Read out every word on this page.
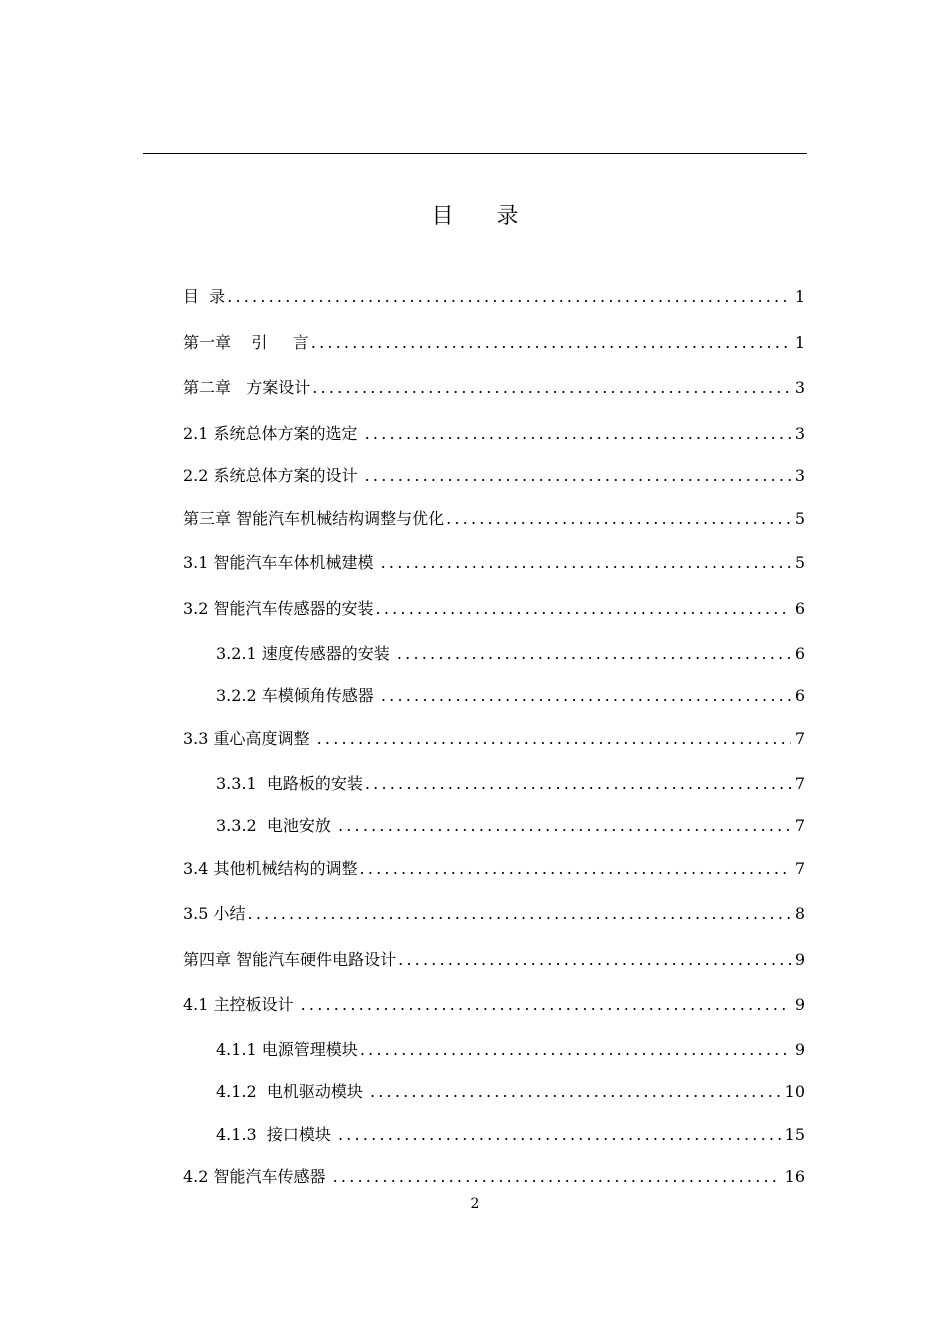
目 录
目  录 .....	1
第一章    引     言 .....	1
第二章   方案设计 .....	3
2.1 系统总体方案的选定 .....	3
2.2 系统总体方案的设计 .....	3
第三章 智能汽车机械结构调整与优化 .....	5
3.1 智能汽车车体机械建模 .....	5
3.2 智能汽车传感器的安装 .....	6
3.2.1 速度传感器的安装 .....	6
3.2.2 车模倾角传感器 .....	6
3.3 重心高度调整 .....	7
3.3.1  电路板的安装 .....	7
3.3.2  电池安放 .....	7
3.4 其他机械结构的调整 .....	7
3.5 小结 .....	8
第四章 智能汽车硬件电路设计 .....	9
4.1 主控板设计 .....	9
4.1.1 电源管理模块 .....	9
4.1.2  电机驱动模块 .....	10
4.1.3  接口模块 .....	15
4.2 智能汽车传感器 .....	16
2
